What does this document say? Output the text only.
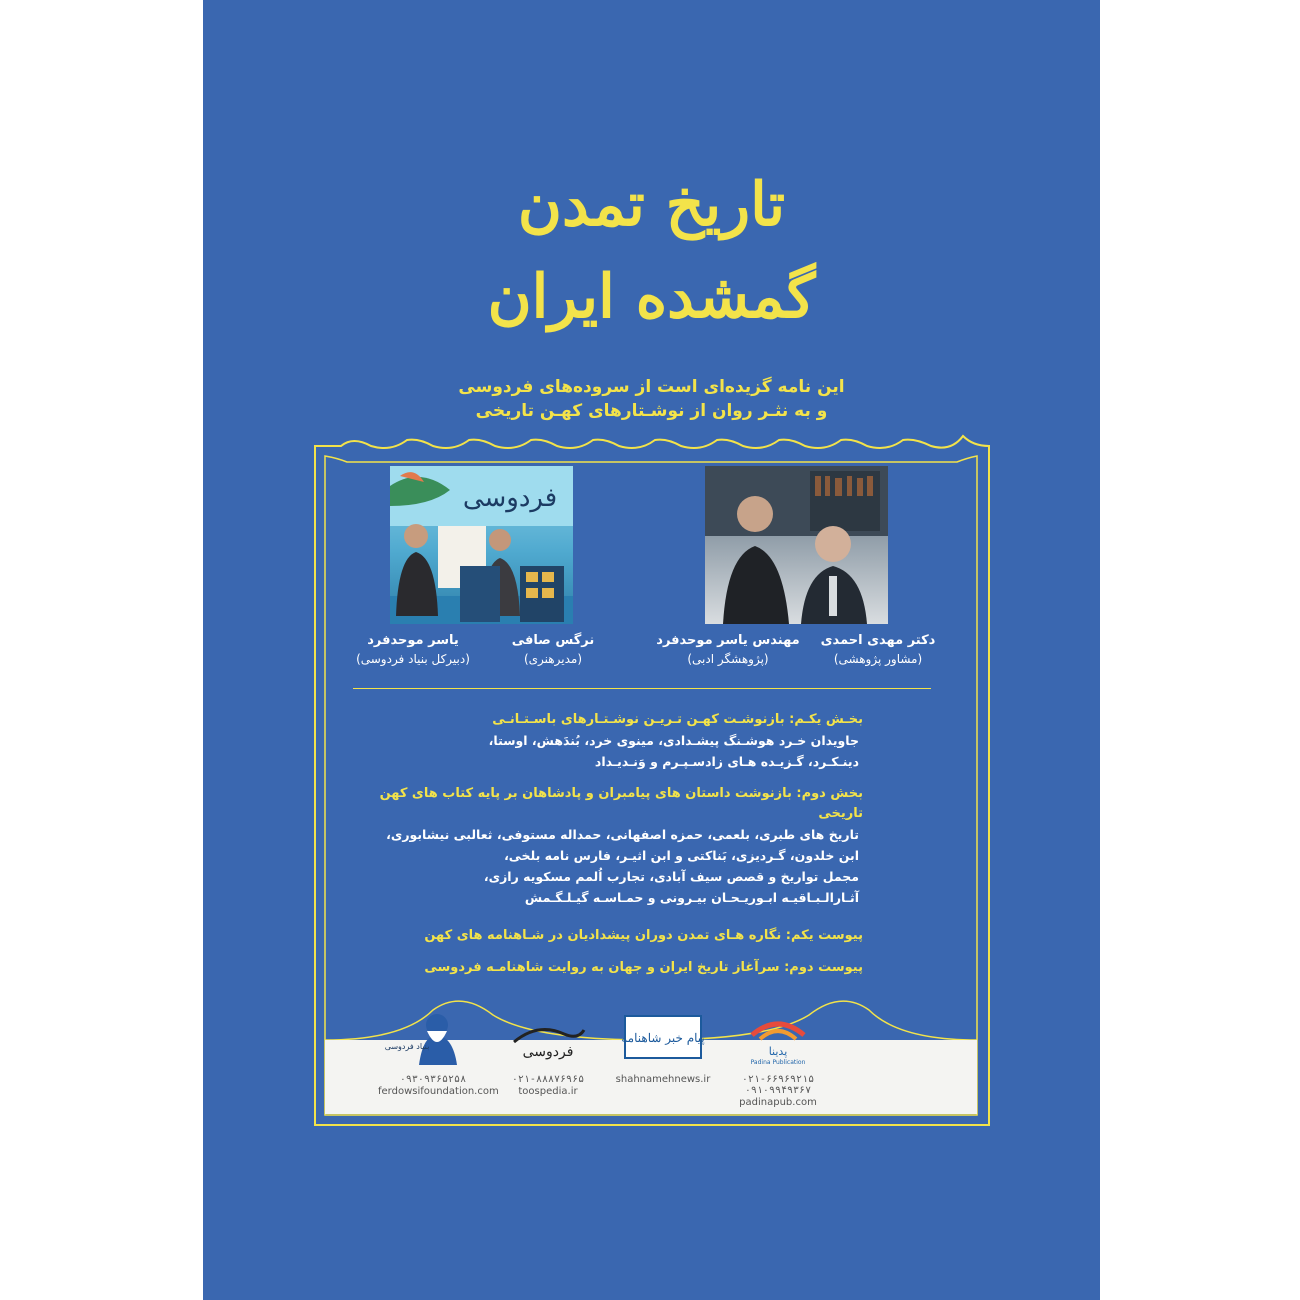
تاریخ تمدن
گمشده ایران
این نامه گزیده‌ای است از سروده‌های فردوسی
و به نثـر روان از نوشـتارهای کهـن تاریخی
فردوسی
دکتر مهدی احمدی
(مشاور پژوهشی)
مهندس یاسر موحدفرد
(پژوهشگر ادبی)
نرگس صافی
(مدیرهنری)
یاسر موحدفرد
(دبیرکل بنیاد فردوسی)

بخـش یکـم: بازنوشـت کهـن تـریـن نوشـتـارهای باسـتـانـی

جاویدان خـرد هوشـنگ پیشـدادی، مینوی خرد، بُندَهش، اوستا،

دینـکـرد، گـزیـده هـای زادسـپـرم و وَنـدیـداد

بخش دوم: بازنوشت داستان های پیامبران و پادشاهان بر پایه کتاب های کهن تاریخی

تاریخ های طبری، بلعمی، حمزه اصفهانی، حمداله مستوفی، ثعالبی نیشابوری،

ابن خلدون، گـردیزی، بَناکتی و ابن اثیـر، فارس نامه بلخی،

مجمل تواریخ و قصص سیف آبادی، تجارب اُلمم مسکویه رازی،

آثـارالـبـاقیـه ابـوریـحـان بیـرونی و حمـاسـه گیـلـگـمش

پیوست یکم: نگاره هـای تمدن دوران پیشدادیان در شـاهنامه های کهن

پیوست دوم: سرآغاز تاریخ ایران و جهان به روایت شاهنامـه فردوسی

پدینا
Padina Publication
۰۲۱-۶۶۹۶۹۲۱۵
۰۹۱۰۹۹۴۹۳۶۷
padinapub.com
پیام خبر شاهنامه
shahnamehnews.ir
فردوسی
۰۲۱-۸۸۸۷۶۹۶۵
toospedia.ir
بنیاد فردوسی
۰۹۳۰۹۳۶۵۲۵۸
ferdowsifoundation.com
